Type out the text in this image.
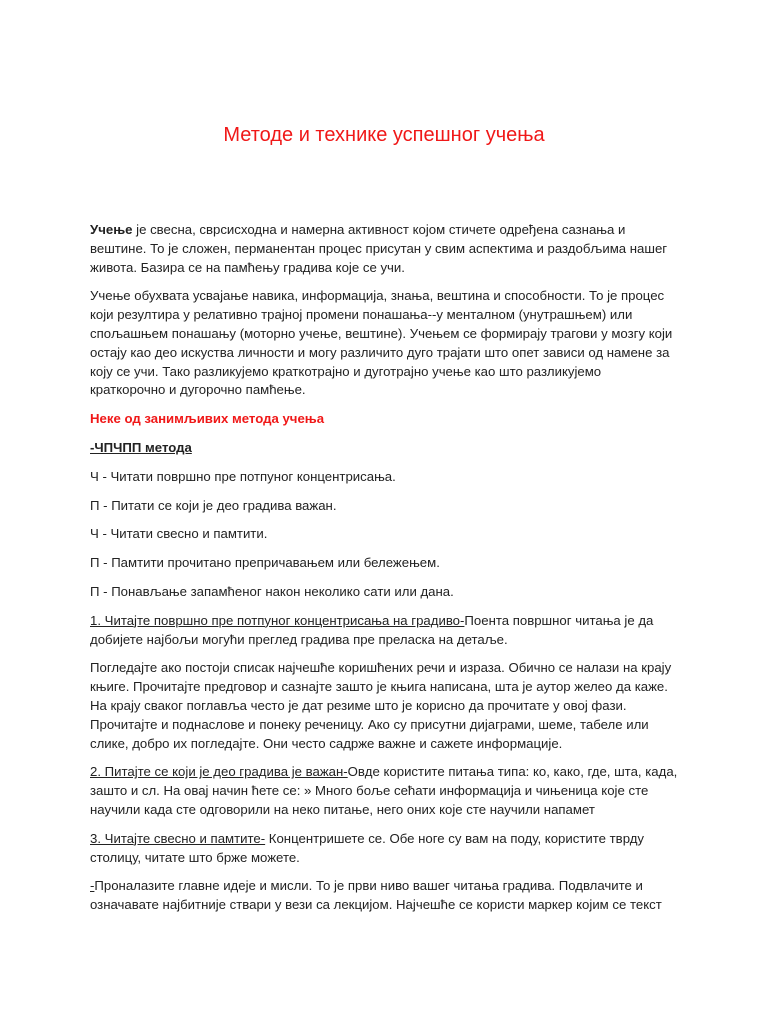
Методе и технике успешног учења

Учење је свесна, сврсисходна и намерна активност којом стичете одређена сазнања и вештине. То је сложен, перманентан процес присутан у свим аспектима и раздобљима нашег живота. Базира се на памћењу градива које се учи.

Учење обухвата усвајање навика, информација, знања, вештина и способности. То је процес који резултира у релативно трајној промени понашања--у менталном (унутрашњем) или спољашњем понашању (моторно учење, вештине). Учењем се формирају трагови у мозгу који остају као део искуства личности и могу различито дуго трајати што опет зависи од намене за коју се учи. Тако разликујемо краткотрајно и дуготрајно учење као што разликујемо краткорочно и дугорочно памћење.

Неке од занимљивих метода учења

-ЧПЧПП метода

Ч - Читати површно пре потпуног концентрисања.

П - Питати се који је део градива важан.

Ч - Читати свесно и памтити.

П - Памтити прочитано препричавањем или бележењем.

П - Понављање запамћеног након неколико сати или дана.

1. Читајте површно пре потпуног концентрисања на градиво-Поента површног читања је да добијете најбољи могући преглед градива пре преласка на детаље.

Погледајте ако постоји списак најчешће коришћених речи и израза. Обично се налази на крају књиге. Прочитајте предговор и сазнајте зашто је књига написана, шта је аутор желео да каже. На крају сваког поглавља често је дат резиме што је корисно да прочитате у овој фази. Прочитајте и поднаслове и понеку реченицу. Ако су присутни дијаграми, шеме, табеле или слике, добро их погледајте. Они често садрже важне и сажете информације.

2. Питајте се који је део градива је важан-Овде користите питања типа: ко, како, где, шта, када, зашто и сл. На овај начин ћете се: » Много боље сећати информација и чињеница које сте научили када сте одговорили на неко питање, него оних које сте научили напамет

3. Читајте свесно и памтите- Концентришете се. Обе ноге су вам на поду, користите тврду столицу, читате што брже можете.

-Проналазите главне идеје и мисли. То је први ниво вашег читања градива. Подвлачите и означавате најбитније ствари у вези са лекцијом. Најчешће се користи маркер којим се текст
